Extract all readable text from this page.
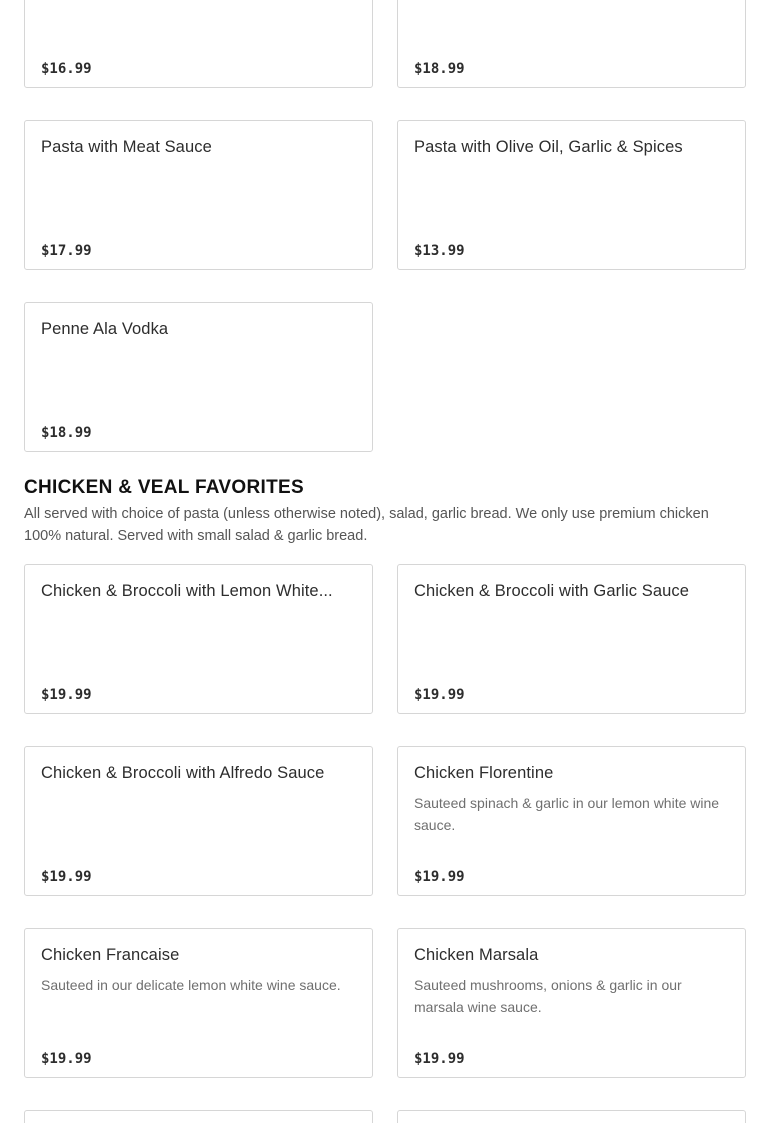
$16.99	$18.99
Pasta with Meat Sauce
$17.99
Pasta with Olive Oil, Garlic & Spices
$13.99
Penne Ala Vodka
$18.99
CHICKEN & VEAL FAVORITES

All served with choice of pasta (unless otherwise noted), salad, garlic bread. We only use premium chicken 100% natural. Served with small salad & garlic bread.

Chicken & Broccoli with Lemon White...
$19.99
Chicken & Broccoli with Garlic Sauce
$19.99
Chicken & Broccoli with Alfredo Sauce
$19.99
Chicken Florentine
Sauteed spinach & garlic in our lemon white wine sauce.
$19.99
Chicken Francaise
Sauteed in our delicate lemon white wine sauce.
$19.99
Chicken Marsala
Sauteed mushrooms, onions & garlic in our marsala wine sauce.
$19.99
